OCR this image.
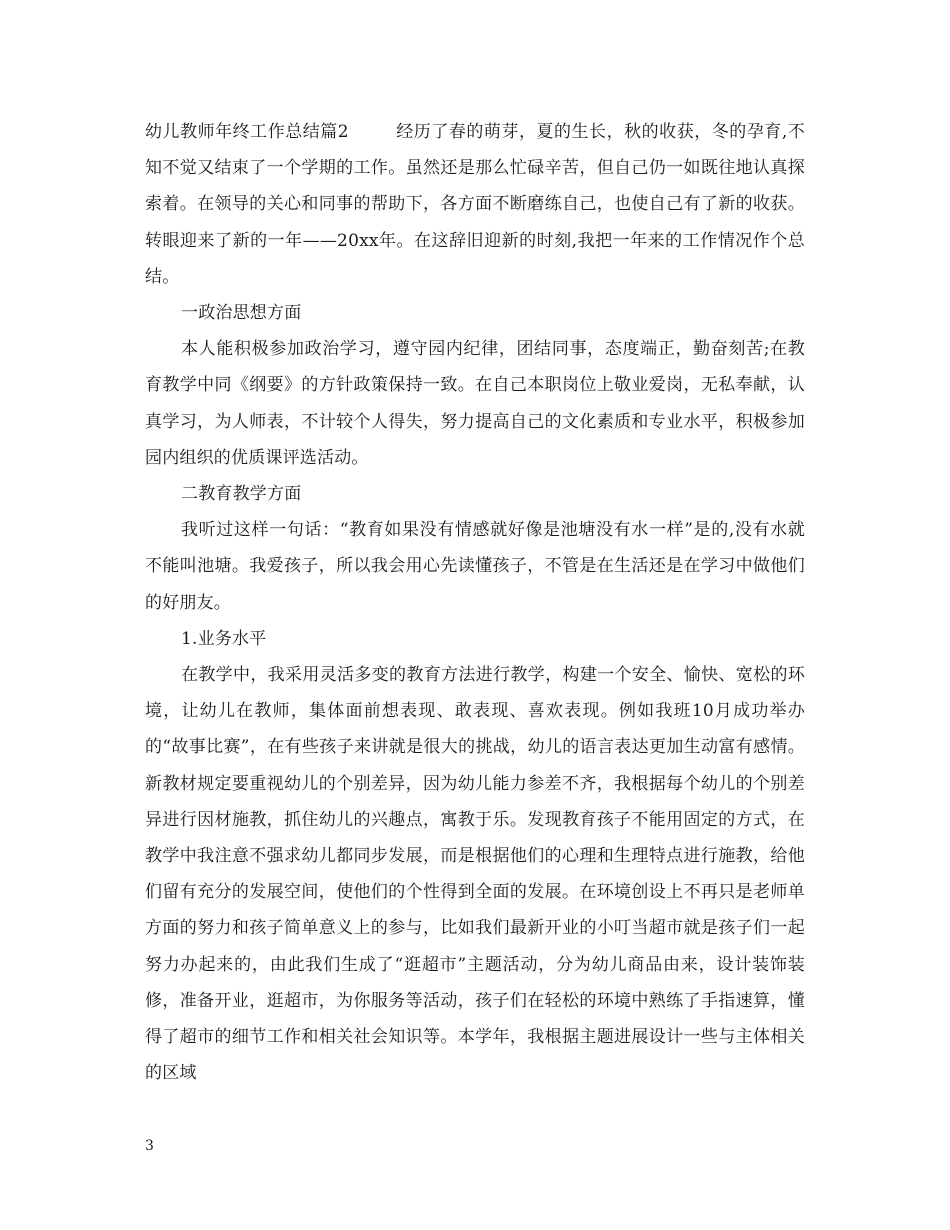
幼儿教师年终工作总结篇2	经历了春的萌芽，夏的生长，秋的收获，冬的孕育,不知不觉又结束了一个学期的工作。虽然还是那么忙碌辛苦，但自己仍一如既往地认真探索着。在领导的关心和同事的帮助下，各方面不断磨练自己，也使自己有了新的收获。转眼迎来了新的一年——20xx年。在这辞旧迎新的时刻,我把一年来的工作情况作个总结。

一政治思想方面

本人能积极参加政治学习，遵守园内纪律，团结同事，态度端正，勤奋刻苦;在教育教学中同《纲要》的方针政策保持一致。在自己本职岗位上敬业爱岗，无私奉献，认真学习，为人师表，不计较个人得失，努力提高自己的文化素质和专业水平，积极参加园内组织的优质课评选活动。

二教育教学方面

我听过这样一句话：“教育如果没有情感就好像是池塘没有水一样”是的,没有水就不能叫池塘。我爱孩子，所以我会用心先读懂孩子，不管是在生活还是在学习中做他们的好朋友。

1.业务水平

在教学中，我采用灵活多变的教育方法进行教学，构建一个安全、愉快、宽松的环境，让幼儿在教师，集体面前想表现、敢表现、喜欢表现。例如我班10月成功举办的“故事比赛”，在有些孩子来讲就是很大的挑战，幼儿的语言表达更加生动富有感情。新教材规定要重视幼儿的个别差异，因为幼儿能力参差不齐，我根据每个幼儿的个别差异进行因材施教，抓住幼儿的兴趣点，寓教于乐。发现教育孩子不能用固定的方式，在教学中我注意不强求幼儿都同步发展，而是根据他们的心理和生理特点进行施教，给他们留有充分的发展空间，使他们的个性得到全面的发展。在环境创设上不再只是老师单方面的努力和孩子简单意义上的参与，比如我们最新开业的小叮当超市就是孩子们一起努力办起来的，由此我们生成了“逛超市”主题活动，分为幼儿商品由来，设计装饰装修，准备开业，逛超市，为你服务等活动，孩子们在轻松的环境中熟练了手指速算，懂得了超市的细节工作和相关社会知识等。本学年，我根据主题进展设计一些与主体相关的区域

3
